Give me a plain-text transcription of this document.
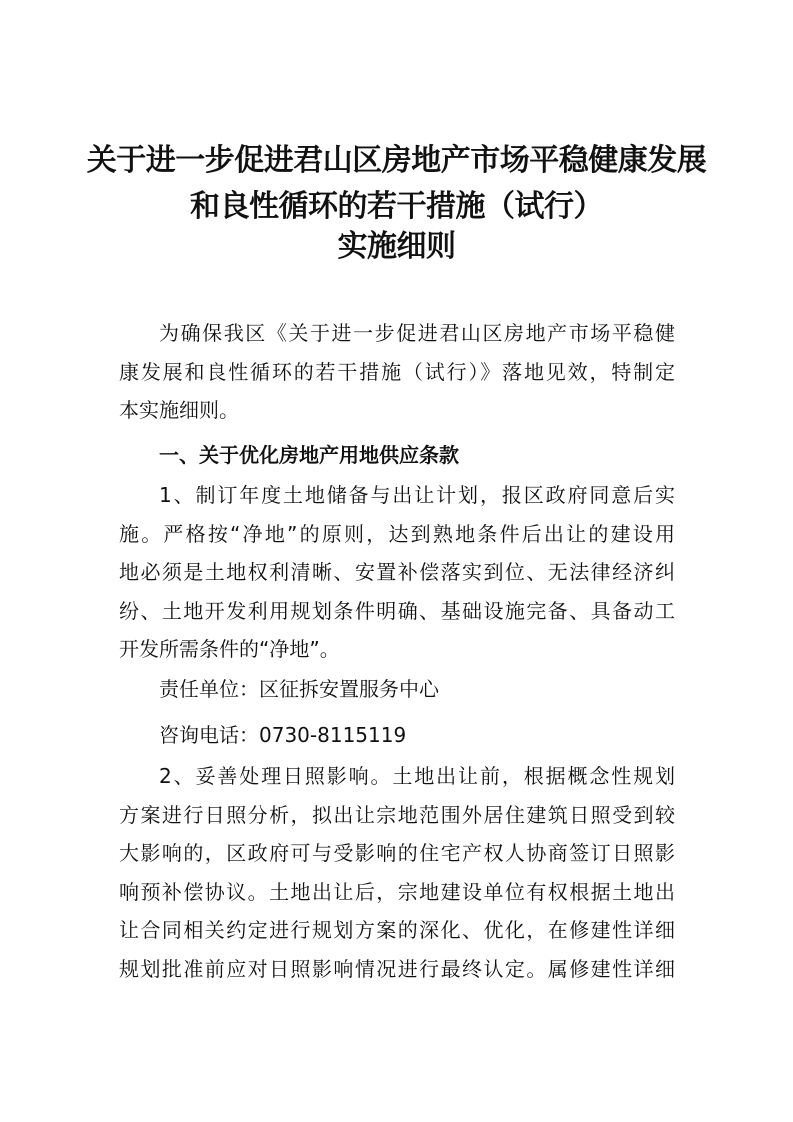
关于进一步促进君山区房地产市场平稳健康发展
和良性循环的若干措施（试行）
实施细则
为确保我区《关于进一步促进君山区房地产市场平稳健
康发展和良性循环的若干措施（试行）》落地见效，特制定
本实施细则。
一、关于优化房地产用地供应条款
1、制订年度土地储备与出让计划，报区政府同意后实
施。严格按“净地”的原则，达到熟地条件后出让的建设用
地必须是土地权利清晰、安置补偿落实到位、无法律经济纠
纷、土地开发利用规划条件明确、基础设施完备、具备动工
开发所需条件的“净地”。
责任单位：区征拆安置服务中心
咨询电话：0730-8115119
2、妥善处理日照影响。土地出让前，根据概念性规划
方案进行日照分析，拟出让宗地范围外居住建筑日照受到较
大影响的，区政府可与受影响的住宅产权人协商签订日照影
响预补偿协议。土地出让后，宗地建设单位有权根据土地出
让合同相关约定进行规划方案的深化、优化，在修建性详细
规划批准前应对日照影响情况进行最终认定。属修建性详细
